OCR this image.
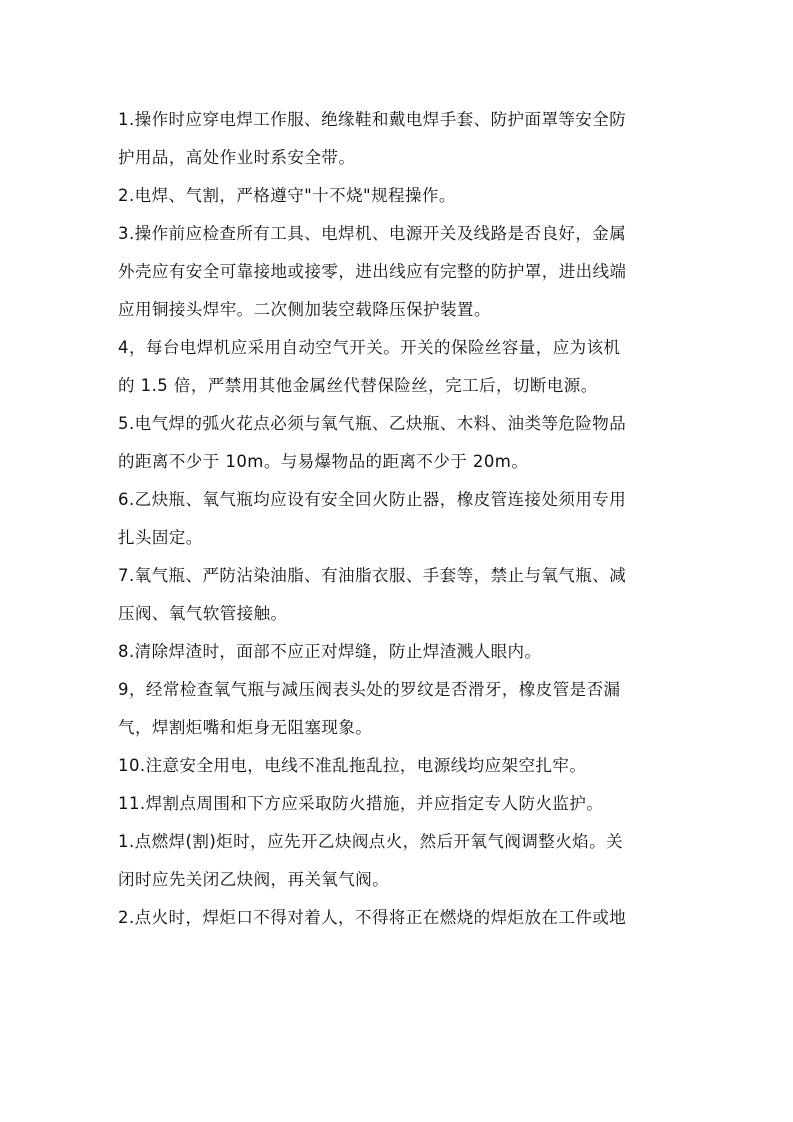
1.操作时应穿电焊工作服、绝缘鞋和戴电焊手套、防护面罩等安全防
护用品，高处作业时系安全带。
2.电焊、气割，严格遵守"十不烧"规程操作。
3.操作前应检查所有工具、电焊机、电源开关及线路是否良好，金属
外壳应有安全可靠接地或接零，进出线应有完整的防护罩，进出线端
应用铜接头焊牢。二次侧加装空载降压保护装置。
4，每台电焊机应采用自动空气开关。开关的保险丝容量，应为该机
的 1.5 倍，严禁用其他金属丝代替保险丝，完工后，切断电源。
5.电气焊的弧火花点必须与氧气瓶、乙炔瓶、木料、油类等危险物品
的距离不少于 10m。与易爆物品的距离不少于 20m。
6.乙炔瓶、氧气瓶均应设有安全回火防止器，橡皮管连接处须用专用
扎头固定。
7.氧气瓶、严防沾染油脂、有油脂衣服、手套等，禁止与氧气瓶、减
压阀、氧气软管接触。
8.清除焊渣时，面部不应正对焊缝，防止焊渣溅人眼内。
9，经常检查氧气瓶与减压阀表头处的罗纹是否滑牙，橡皮管是否漏
气，焊割炬嘴和炬身无阻塞现象。
10.注意安全用电，电线不准乱拖乱拉，电源线均应架空扎牢。
11.焊割点周围和下方应采取防火措施，并应指定专人防火监护。
1.点燃焊(割)炬时，应先开乙炔阀点火，然后开氧气阀调整火焰。关
闭时应先关闭乙炔阀，再关氧气阀。
2.点火时，焊炬口不得对着人，不得将正在燃烧的焊炬放在工件或地
